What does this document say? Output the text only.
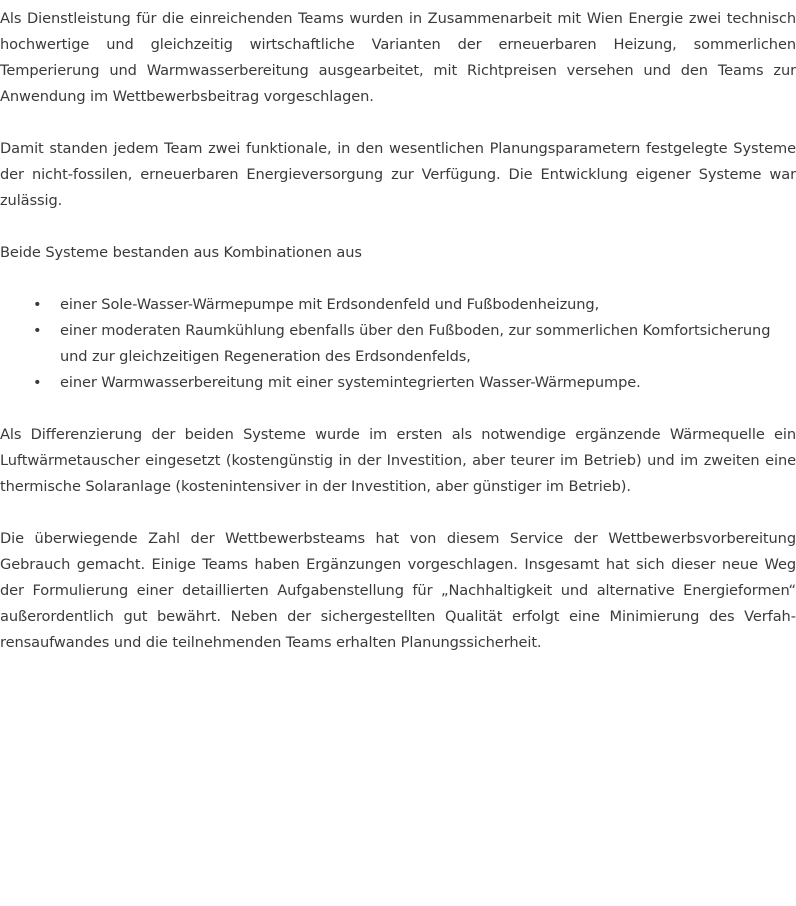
Als Dienstleistung für die einreichenden Teams wurden in Zusammenarbeit mit Wien Energie zwei technisch hochwertige und gleichzeitig wirtschaftliche Varianten der erneuerbaren Heizung, sommerlichen Temperierung und Warmwasserbereitung ausgearbeitet, mit Richtpreisen versehen und den Teams zur Anwendung im Wettbewerbsbeitrag vorgeschlagen.

Damit standen jedem Team zwei funktionale, in den wesentlichen Planungsparametern festgelegte Systeme der nicht-fossilen, erneuerbaren Energieversorgung zur Verfügung. Die Entwicklung eigener Systeme war zulässig.

Beide Systeme bestanden aus Kombinationen aus

• einer Sole-Wasser-Wärmepumpe mit Erdsondenfeld und Fußbodenheizung,
• einer moderaten Raumkühlung ebenfalls über den Fußboden, zur sommerlichen Komfortsicherung und zur gleichzeitigen Regeneration des Erdsondenfelds,
• einer Warmwasserbereitung mit einer systemintegrierten Wasser-Wärmepumpe.

Als Differenzierung der beiden Systeme wurde im ersten als notwendige ergänzende Wärmequelle ein Luftwärmetauscher eingesetzt (kostengünstig in der Investition, aber teurer im Betrieb) und im zweiten eine thermische Solaranlage (kostenintensiver in der Investition, aber günstiger im Betrieb).

Die überwiegende Zahl der Wettbewerbsteams hat von diesem Service der Wettbewerbsvorbereitung Gebrauch gemacht. Einige Teams haben Ergänzungen vorgeschlagen. Insgesamt hat sich dieser neue Weg der Formulierung einer detaillierten Aufgabenstellung für „Nachhaltigkeit und alternative Energieformen“ außerordentlich gut bewährt. Neben der sichergestellten Qualität erfolgt eine Minimierung des Verfahrensaufwandes und die teilnehmenden Teams erhalten Planungssicherheit.
